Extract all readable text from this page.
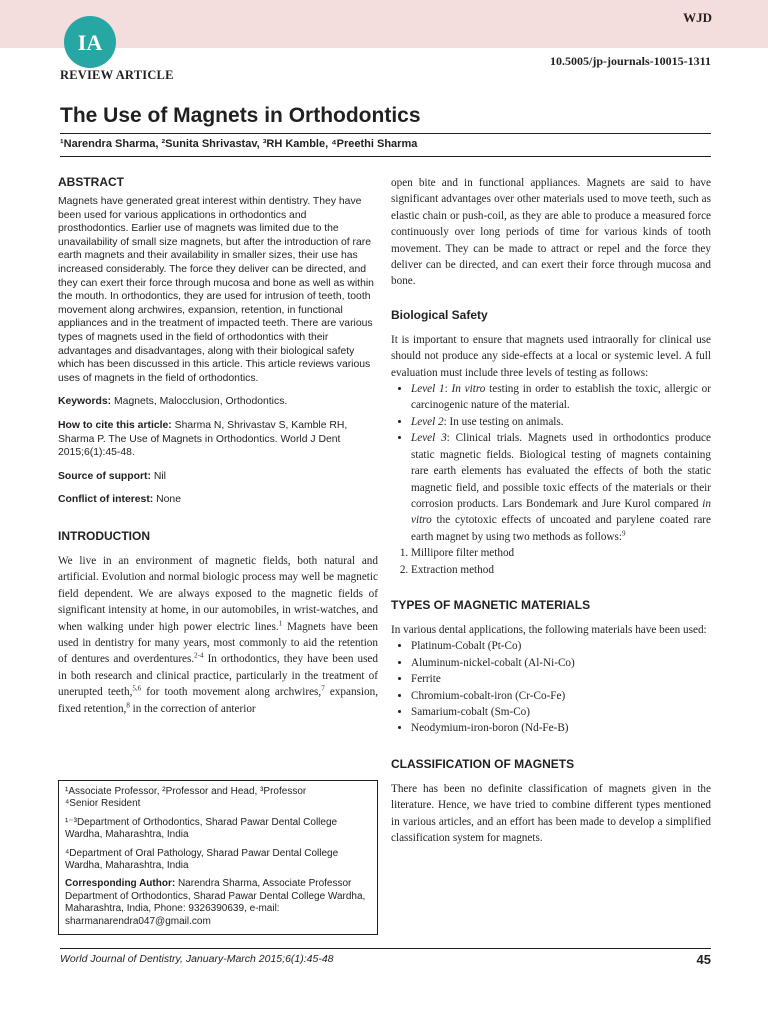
WJD
IA
REVIEW ARTICLE
10.5005/jp-journals-10015-1311
The Use of Magnets in Orthodontics
¹Narendra Sharma, ²Sunita Shrivastav, ³RH Kamble, ⁴Preethi Sharma
ABSTRACT

Magnets have generated great interest within dentistry. They have been used for various applications in orthodontics and prosthodontics. Earlier use of magnets was limited due to the unavailability of small size magnets, but after the introduction of rare earth magnets and their availability in smaller sizes, their use has increased considerably. The force they deliver can be directed, and they can exert their force through mucosa and bone as well as within the mouth. In orthodontics, they are used for intrusion of teeth, tooth movement along archwires, expansion, retention, in functional appliances and in the treatment of impacted teeth. There are various types of magnets used in the field of orthodontics with their advantages and disadvantages, along with their biological safety which has been discussed in this article. This article reviews various uses of magnets in the field of orthodontics.

Keywords: Magnets, Malocclusion, Orthodontics.

How to cite this article: Sharma N, Shrivastav S, Kamble RH, Sharma P. The Use of Magnets in Orthodontics. World J Dent 2015;6(1):45-48.

Source of support: Nil

Conflict of interest: None

INTRODUCTION

We live in an environment of magnetic fields, both natural and artificial. Evolution and normal biologic process may well be magnetic field dependent. We are always exposed to the magnetic fields of significant intensity at home, in our automobiles, in wrist-watches, and when walking under high power electric lines.$^1$ Magnets have been used in dentistry for many years, most commonly to aid the retention of dentures and overdentures.$^{2-4}$ In orthodontics, they have been used in both research and clinical practice, particularly in the treatment of unerupted teeth,$^{5,6}$ for tooth movement along archwires,$^7$ expansion, fixed retention,$^8$ in the correction of anterior

¹Associate Professor, ²Professor and Head, ³Professor
⁴Senior Resident

¹⁻³Department of Orthodontics, Sharad Pawar Dental College Wardha, Maharashtra, India

⁴Department of Oral Pathology, Sharad Pawar Dental College Wardha, Maharashtra, India

Corresponding Author: Narendra Sharma, Associate Professor Department of Orthodontics, Sharad Pawar Dental College Wardha, Maharashtra, India, Phone: 9326390639, e-mail: sharmanarendra047@gmail.com

open bite and in functional appliances. Magnets are said to have significant advantages over other materials used to move teeth, such as elastic chain or push-coil, as they are able to produce a measured force continuously over long periods of time for various kinds of tooth movement. They can be made to attract or repel and the force they deliver can be directed, and can exert their force through mucosa and bone.

Biological Safety

It is important to ensure that magnets used intraorally for clinical use should not produce any side-effects at a local or systemic level. A full evaluation must include three levels of testing as follows:

• Level 1: In vitro testing in order to establish the toxic, allergic or carcinogenic nature of the material.
• Level 2: In use testing on animals.
• Level 3: Clinical trials. Magnets used in orthodontics produce static magnetic fields. Biological testing of magnets containing rare earth elements has evaluated the effects of both the static magnetic field, and possible toxic effects of the materials or their corrosion products. Lars Bondemark and Jure Kurol compared in vitro the cytotoxic effects of uncoated and parylene coated rare earth magnet by using two methods as follows:$^9$
1. Millipore filter method
2. Extraction method
TYPES OF MAGNETIC MATERIALS

In various dental applications, the following materials have been used:

• Platinum-Cobalt (Pt-Co)
• Aluminum-nickel-cobalt (Al-Ni-Co)
• Ferrite
• Chromium-cobalt-iron (Cr-Co-Fe)
• Samarium-cobalt (Sm-Co)
• Neodymium-iron-boron (Nd-Fe-B)
CLASSIFICATION OF MAGNETS

There has been no definite classification of magnets given in the literature. Hence, we have tried to combine different types mentioned in various articles, and an effort has been made to develop a simplified classification system for magnets.

World Journal of Dentistry, January-March 2015;6(1):45-48	45
